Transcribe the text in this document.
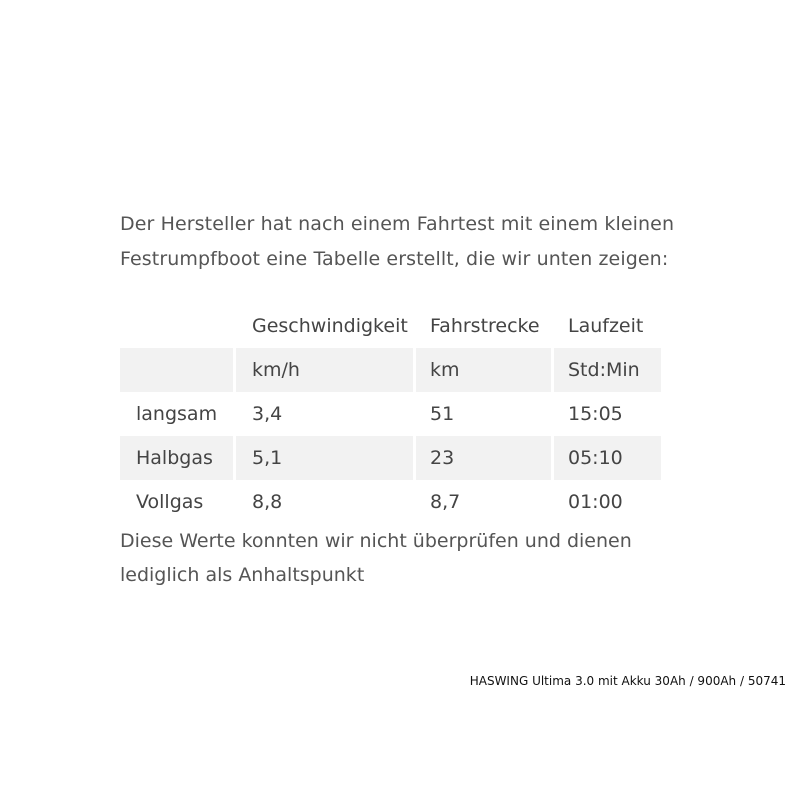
Der Hersteller hat nach einem Fahrtest mit einem kleinen

Festrumpfboot eine Tabelle erstellt, die wir unten zeigen:

	Geschwindigkeit	Fahrstrecke	Laufzeit
	km/h	km	Std:Min
langsam	3,4	51	15:05
Halbgas	5,1	23	05:10
Vollgas	8,8	8,7	01:00

Diese Werte konnten wir nicht überprüfen und dienen

lediglich als Anhaltspunkt

HASWING Ultima 3.0 mit Akku 30Ah / 900Ah / 50741
